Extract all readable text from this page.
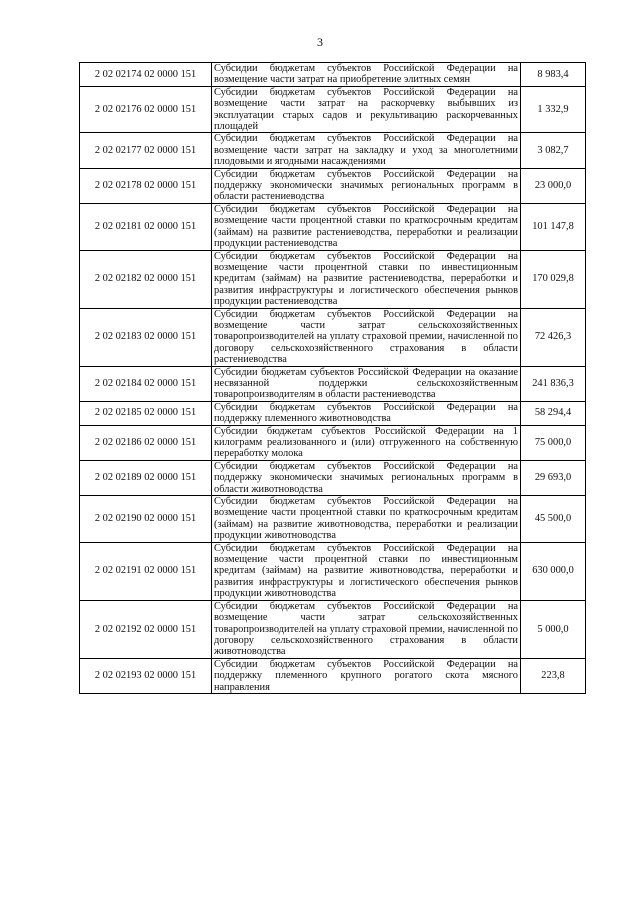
3
2 02 02174 02 0000 151	Субсидии бюджетам субъектов Российской Федерации на возмещение части затрат на приобретение элитных семян	8 983,4
2 02 02176 02 0000 151	Субсидии бюджетам субъектов Российской Федерации на возмещение части затрат на раскорчевку выбывших из эксплуатации старых садов и рекультивацию раскорчеванных площадей	1 332,9
2 02 02177 02 0000 151	Субсидии бюджетам субъектов Российской Федерации на возмещение части затрат на закладку и уход за многолетними плодовыми и ягодными насаждениями	3 082,7
2 02 02178 02 0000 151	Субсидии бюджетам субъектов Российской Федерации на поддержку экономически значимых региональных программ в области растениеводства	23 000,0
2 02 02181 02 0000 151	Субсидии бюджетам субъектов Российской Федерации на возмещение части процентной ставки по краткосрочным кредитам (займам) на развитие растениеводства, переработки и реализации продукции растениеводства	101 147,8
2 02 02182 02 0000 151	Субсидии бюджетам субъектов Российской Федерации на возмещение части процентной ставки по инвестиционным кредитам (займам) на развитие растениеводства, переработки и развития инфраструктуры и логистического обеспечения рынков продукции растениеводства	170 029,8
2 02 02183 02 0000 151	Субсидии бюджетам субъектов Российской Федерации на возмещение части затрат сельскохозяйственных товаропроизводителей на уплату страховой премии, начисленной по договору сельскохозяйственного страхования в области растениеводства	72 426,3
2 02 02184 02 0000 151	Субсидии бюджетам субъектов Российской Федерации на оказание несвязанной поддержки сельскохозяйственным товаропроизводителям в области растениеводства	241 836,3
2 02 02185 02 0000 151	Субсидии бюджетам субъектов Российской Федерации на поддержку племенного животноводства	58 294,4
2 02 02186 02 0000 151	Субсидии бюджетам субъектов Российской Федерации на 1 килограмм реализованного и (или) отгруженного на собственную переработку молока	75 000,0
2 02 02189 02 0000 151	Субсидии бюджетам субъектов Российской Федерации на поддержку экономически значимых региональных программ в области животноводства	29 693,0
2 02 02190 02 0000 151	Субсидии бюджетам субъектов Российской Федерации на возмещение части процентной ставки по краткосрочным кредитам (займам) на развитие животноводства, переработки и реализации продукции животноводства	45 500,0
2 02 02191 02 0000 151	Субсидии бюджетам субъектов Российской Федерации на возмещение части процентной ставки по инвестиционным кредитам (займам) на развитие животноводства, переработки и развития инфраструктуры и логистического обеспечения рынков продукции животноводства	630 000,0
2 02 02192 02 0000 151	Субсидии бюджетам субъектов Российской Федерации на возмещение части затрат сельскохозяйственных товаропроизводителей на уплату страховой премии, начисленной по договору сельскохозяйственного страхования в области животноводства	5 000,0
2 02 02193 02 0000 151	Субсидии бюджетам субъектов Российской Федерации на поддержку племенного крупного рогатого скота мясного направления	223,8
